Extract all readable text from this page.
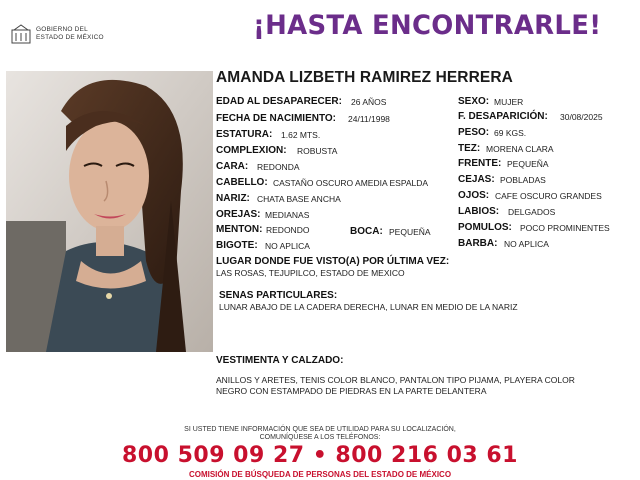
GOBIERNO DEL
ESTADO DE MÉXICO	¡HASTA ENCONTRARLE!
AMANDA LIZBETH RAMIREZ HERRERA
EDAD AL DESAPARECER: 26 AÑOS
FECHA DE NACIMIENTO: 24/11/1998
ESTATURA: 1.62 MTS.
COMPLEXION: ROBUSTA
CARA: REDONDA
CABELLO: CASTAÑO OSCURO AMEDIA ESPALDA
NARIZ: CHATA BASE ANCHA
OREJAS: MEDIANAS
MENTON: REDONDO	BOCA: PEQUEÑA
BIGOTE: NO APLICA
SEXO: MUJER
F. DESAPARICIÓN: 30/08/2025
PESO: 69 KGS.
TEZ: MORENA CLARA
FRENTE: PEQUEÑA
CEJAS: POBLADAS
OJOS: CAFE OSCURO GRANDES
LABIOS: DELGADOS
POMULOS: POCO PROMINENTES
BARBA: NO APLICA
LUGAR DONDE FUE VISTO(A) POR ÚLTIMA VEZ:
LAS ROSAS, TEJUPILCO, ESTADO DE MEXICO
SENAS PARTICULARES:
LUNAR ABAJO DE LA CADERA DERECHA, LUNAR EN MEDIO DE LA NARIZ
VESTIMENTA Y CALZADO:
ANILLOS Y ARETES, TENIS COLOR BLANCO, PANTALON TIPO PIJAMA, PLAYERA COLOR
NEGRO CON ESTAMPADO DE PIEDRAS EN LA PARTE DELANTERA
SI USTED TIENE INFORMACIÓN QUE SEA DE UTILIDAD PARA SU LOCALIZACIÓN,
COMUNÍQUESE A LOS TELÉFONOS:
800 509 09 27 • 800 216 03 61
COMISIÓN DE BÚSQUEDA DE PERSONAS DEL ESTADO DE MÉXICO
